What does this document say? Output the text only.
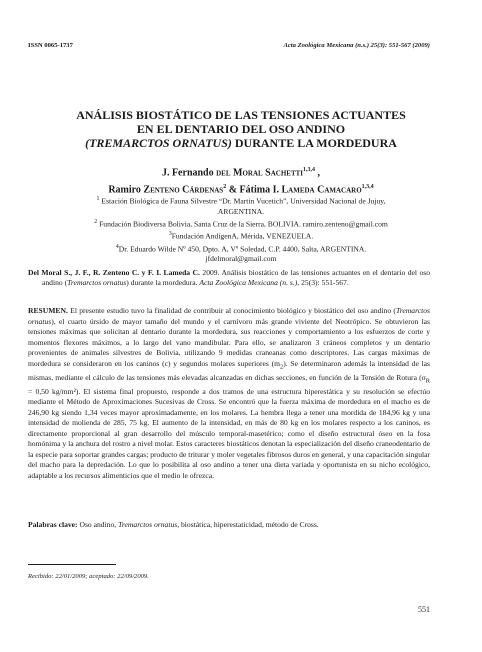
ISSN 0065-1737	Acta Zoológica Mexicana (n.s.) 25(3): 551-567 (2009)
ANÁLISIS BIOSTÁTICO DE LAS TENSIONES ACTUANTES
EN EL DENTARIO DEL OSO ANDINO
(TREMARCTOS ORNATUS) DURANTE LA MORDEDURA
J. Fernando del Moral Sachetti$^{1,3,4}$ ,
Ramiro Zenteno Cárdenas$^2$ & Fátima I. Lameda Camacaro$^{1,3,4}$
$^1$ Estación Biológica de Fauna Silvestre “Dr. Martín Vucetich”, Universidad Nacional de Jujuy,
ARGENTINA.
$^2$ Fundación Biodiversa Bolivia, Santa Cruz de la Sierra, BOLIVIA. ramiro.zenteno@gmail.com
$^3$Fundación AndígenA, Mérida, VENEZUELA.
$^4$Dr. Eduardo Wilde Nº 450, Dpto. A, Vº Soledad, C.P. 4400, Salta, ARGENTINA.
jfdelmoral@gmail.com
Del Moral S., J. F., R. Zenteno C. y F. I. Lameda C. 2009. Análisis biostático de las tensiones actuantes en el dentario del oso andino (Tremarctos ornatus) durante la mordedura. Acta Zoológica Mexicana (n. s.), 25(3): 551-567.
RESUMEN. El presente estudio tuvo la finalidad de contribuir al conocimiento biológico y biostático del oso andino (Tremarctos ornatus), el cuarto úrsido de mayor tamaño del mundo y el carnívoro más grande viviente del Neotrópico. Se obtuvieron las tensiones máximas que solicitan al dentario durante la mordedura, sus reacciones y comportamiento a los esfuerzos de corte y momentos flexores máximos, a lo largo del vano mandibular. Para ello, se analizaron 3 cráneos completos y un dentario provenientes de animales silvestres de Bolivia, utilizando 9 medidas craneanas como descriptores. Las cargas máximas de mordedura se consideraron en los caninos (c) y segundos molares superiores $(m_2)$. Se determinaron además la intensidad de las mismas, mediante el cálculo de las tensiones más elevadas alcanzadas en dichas secciones, en función de la Tensión de Rotura ($\sigma_R = 0,50$ kg/mm²). El sistema final propuesto, responde a dos tramos de una estructura hiperestática y su resolución se efectúo mediante el Método de Aproximaciones Sucesivas de Cross. Se encontró que la fuerza máxima de mordedura en el macho es de 246,90 kg siendo 1,34 veces mayor aproximadamente, en los molares. La hembra llega a tener una mordida de 184,96 kg y una intensidad de molienda de 285, 75 kg. El aumento de la intensidad, en más de 80 kg en los molares respecto a los caninos, es directamente proporcional al gran desarrollo del músculo temporal-masetérico; como el diseño estructural óseo en la fosa homónima y la anchura del rostro a nivel molar. Estos caracteres biostáticos denotan la especialización del diseño craneodentario de la especie para soportar grandes cargas; producto de triturar y moler vegetales fibrosos duros en general, y una capacitación singular del macho para la depredación. Lo que lo posibilita al oso andino a tener una dieta variada y oportunista en su nicho ecológico, adaptable a los recursos alimenticios que el medio le ofrezca.
Palabras clave: Oso andino, Tremarctos ornatus, biostática, hiperestaticidad, método de Cross.
Recibido: 22/01/2009; aceptado: 22/09/2009.
551
